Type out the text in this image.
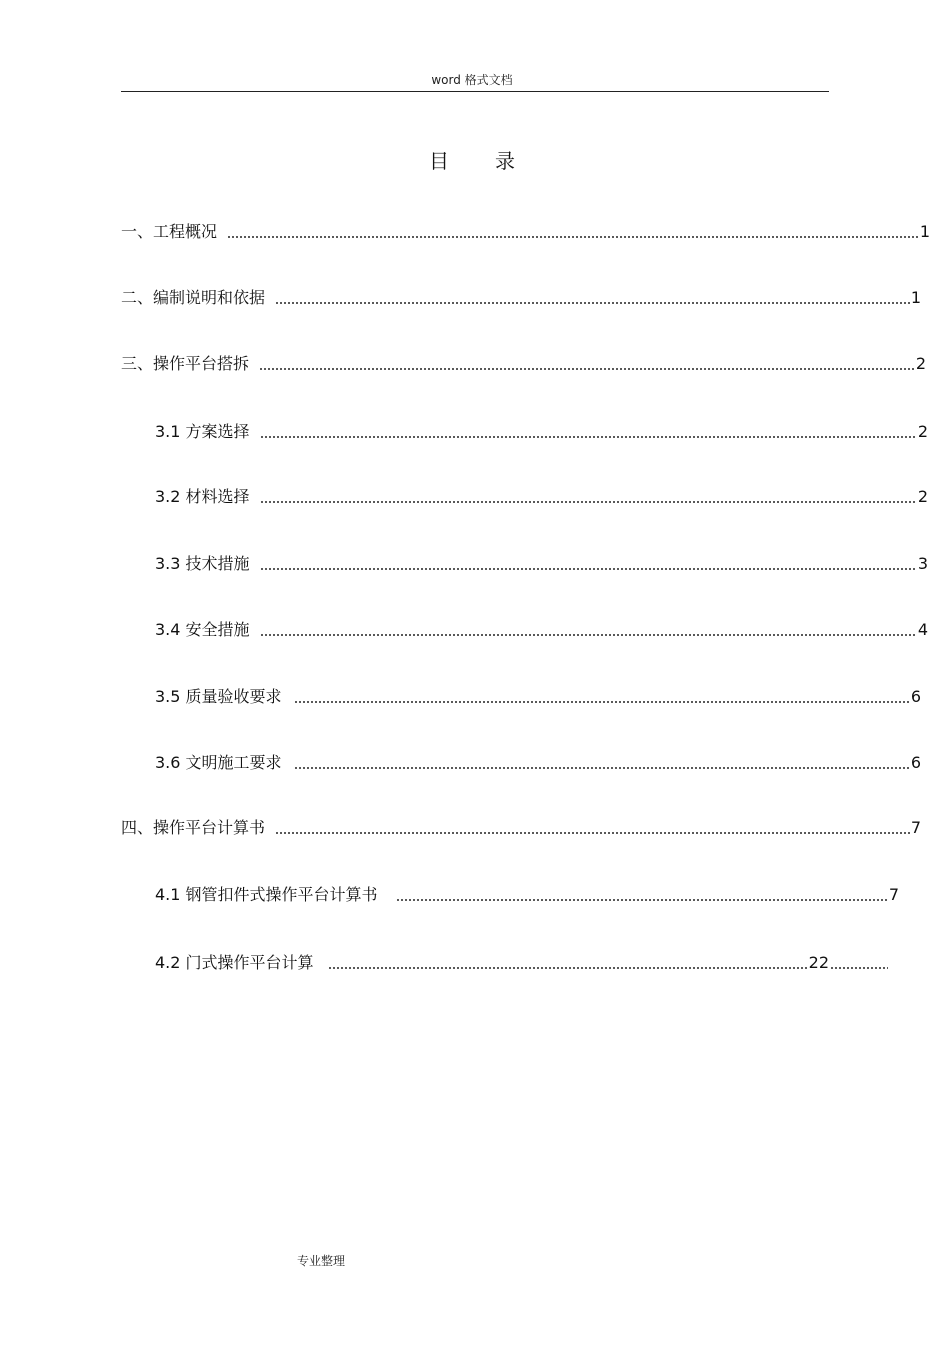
word 格式文档
目录
一、工程概况	1
二、编制说明和依据	1
三、操作平台搭拆	2
3.1 方案选择	2
3.2 材料选择	2
3.3 技术措施	3
3.4 安全措施	4
3.5 质量验收要求	6
3.6 文明施工要求	6
四、操作平台计算书	7
4.1 钢管扣件式操作平台计算书	7
4.2 门式操作平台计算	22
专业整理
